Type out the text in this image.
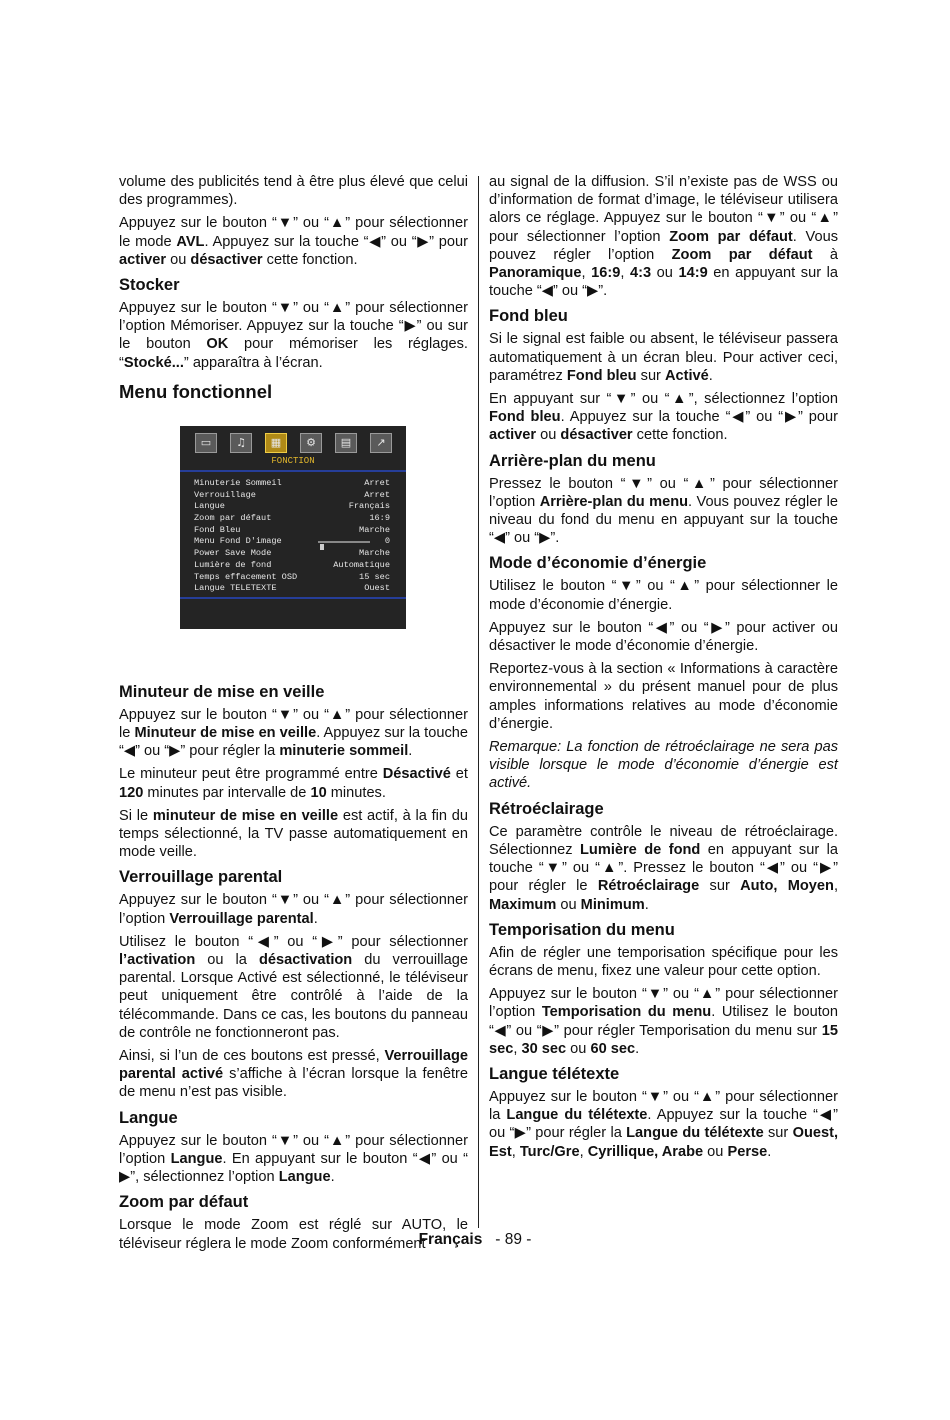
volume des publicités tend à être plus élevé que celui des programmes).

Appuyez sur le bouton “▼” ou “▲” pour sélectionner le mode AVL. Appuyez sur la touche “◀” ou “▶” pour activer ou désactiver cette fonction.

Stocker

Appuyez sur le bouton “▼” ou “▲” pour sélectionner l’option Mémoriser. Appuyez sur la touche “▶” ou sur le bouton OK pour mémoriser les réglages. “Stocké...” apparaîtra à l’écran.

Menu fonctionnel
Minuteur de mise en veille

Appuyez sur le bouton “▼” ou “▲” pour sélectionner le Minuteur de mise en veille. Appuyez sur la touche “◀” ou “▶” pour régler la minuterie sommeil.

Le minuteur peut être programmé entre Désactivé et 120 minutes par intervalle de 10 minutes.

Si le minuteur de mise en veille est actif, à la fin du temps sélectionné, la TV passe automatiquement en mode veille.

Verrouillage parental

Appuyez sur le bouton “▼” ou “▲” pour sélectionner l’option Verrouillage parental.

Utilisez le bouton “◀” ou “▶” pour sélectionner l’activation ou la désactivation du verrouillage parental. Lorsque Activé est sélectionné, le téléviseur peut uniquement être contrôlé à l’aide de la télécommande. Dans ce cas, les boutons du panneau de contrôle ne fonctionneront pas.

Ainsi, si l’un de ces boutons est pressé, Verrouillage parental activé s’affiche à l’écran lorsque la fenêtre de menu n’est pas visible.

Langue

Appuyez sur le bouton “▼” ou “▲” pour sélectionner l’option Langue. En appuyant sur le bouton “◀” ou “ ▶”, sélectionnez l’option Langue.

Zoom par défaut

Lorsque le mode Zoom est réglé sur AUTO, le téléviseur réglera le mode Zoom conformément

▭	♫	▦	⚙	▤	↗
FONCTION
Minuterie Sommeil	Arret
Verrouillage	Arret
Langue	Français
Zoom par défaut	16:9
Fond Bleu	Marche
Menu Fond D'image	0
Power Save Mode	Marche
Lumière de fond	Automatique
Temps effacement OSD	15 sec
Langue TELETEXTE	Ouest

au signal de la diffusion. S’il n’existe pas de WSS ou d’information de format d’image, le téléviseur utilisera alors ce réglage. Appuyez sur le bouton “▼” ou “▲” pour sélectionner l’option Zoom par défaut. Vous pouvez régler l’option Zoom par défaut à Panoramique, 16:9, 4:3 ou 14:9 en appuyant sur la touche “◀” ou “▶”.

Fond bleu

Si le signal est faible ou absent, le téléviseur passera automatiquement à un écran bleu. Pour activer ceci, paramétrez Fond bleu sur Activé.

En appuyant sur “▼” ou “▲”, sélectionnez l’option Fond bleu. Appuyez sur la touche “◀” ou “▶” pour activer ou désactiver cette fonction.

Arrière-plan du menu

Pressez le bouton “▼” ou “▲” pour sélectionner l’option Arrière-plan du menu. Vous pouvez régler le niveau du fond du menu en appuyant sur la touche “◀” ou “▶”.

Mode d’économie d’énergie

Utilisez le bouton “▼” ou “▲” pour sélectionner le mode d’économie d’énergie.

Appuyez sur le bouton “◀” ou “▶” pour activer ou désactiver le mode d’économie d’énergie.

Reportez-vous à la section « Informations à caractère environnemental » du présent manuel pour de plus amples informations relatives au mode d’économie d’énergie.

Remarque: La fonction de rétroéclairage ne sera pas visible lorsque le mode d’économie d’énergie est activé.

Rétroéclairage

Ce paramètre contrôle le niveau de rétroéclairage. Sélectionnez Lumière de fond en appuyant sur la touche “▼” ou “▲”. Pressez le bouton “◀” ou “▶” pour régler le Rétroéclairage sur Auto, Moyen, Maximum ou Minimum.

Temporisation du menu

Afin de régler une temporisation spécifique pour les écrans de menu, fixez une valeur pour cette option.

Appuyez sur le bouton “▼” ou “▲” pour sélectionner l’option Temporisation du menu. Utilisez le bouton “◀” ou “▶” pour régler Temporisation du menu sur 15 sec, 30 sec ou 60 sec.

Langue télétexte

Appuyez sur le bouton “▼” ou “▲” pour sélectionner la Langue du télétexte. Appuyez sur la touche “◀” ou “▶” pour régler la Langue du télétexte sur Ouest, Est, Turc/Gre, Cyrillique, Arabe ou Perse.

Français - 89 -
